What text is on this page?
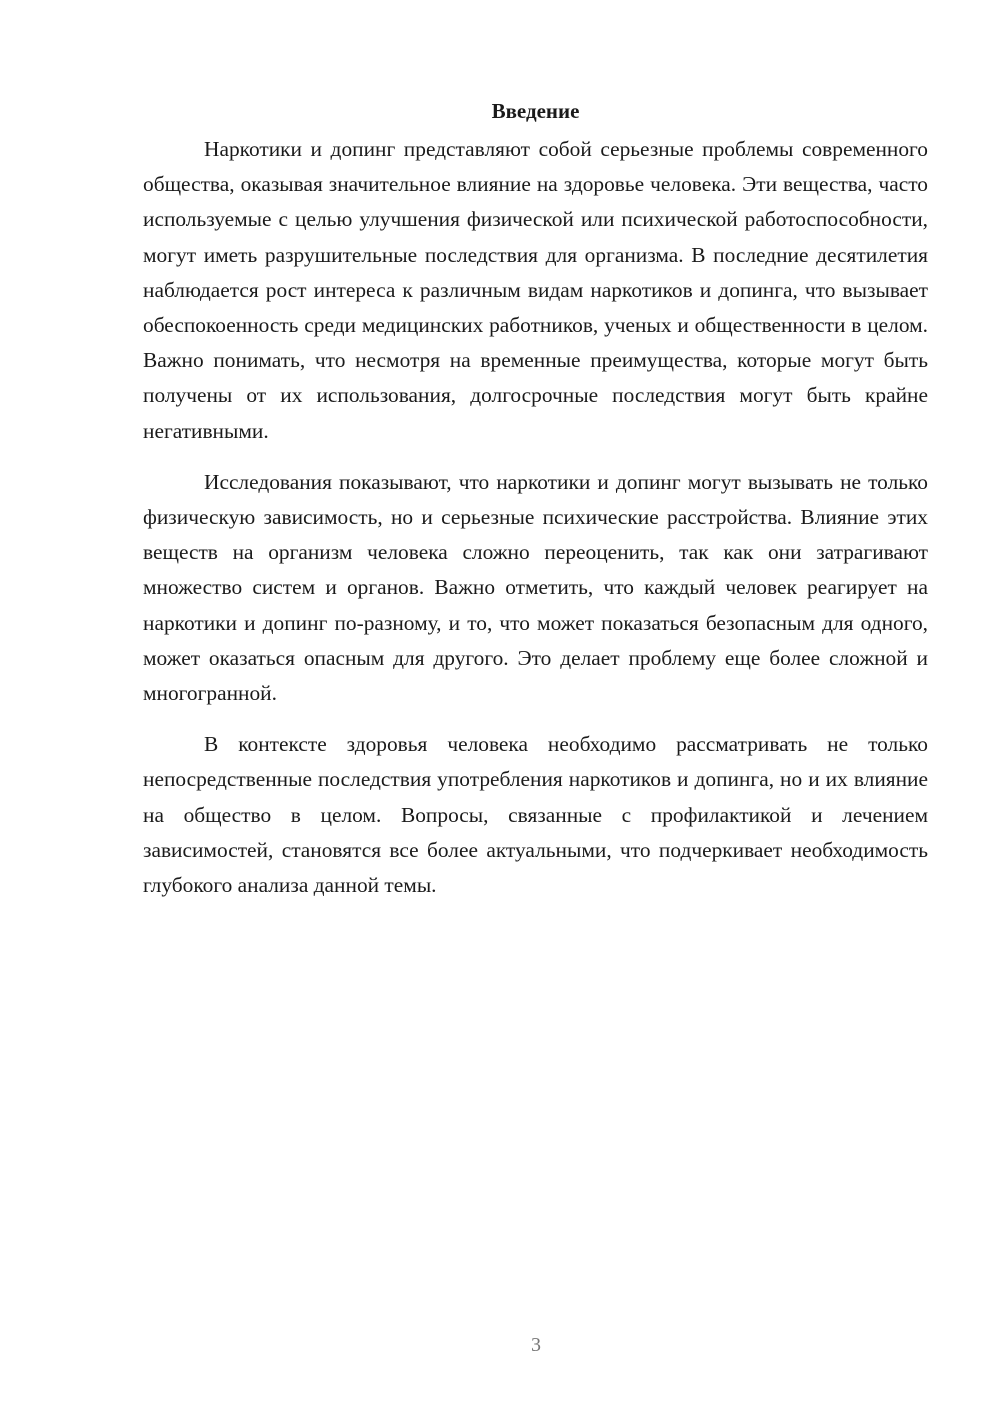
Введение

Наркотики и допинг представляют собой серьезные проблемы современного общества, оказывая значительное влияние на здоровье человека. Эти вещества, часто используемые с целью улучшения физической или психической работоспособности, могут иметь разрушительные последствия для организма. В последние десятилетия наблюдается рост интереса к различным видам наркотиков и допинга, что вызывает обеспокоенность среди медицинских работников, ученых и общественности в целом. Важно понимать, что несмотря на временные преимущества, которые могут быть получены от их использования, долгосрочные последствия могут быть крайне негативными.

Исследования показывают, что наркотики и допинг могут вызывать не только физическую зависимость, но и серьезные психические расстройства. Влияние этих веществ на организм человека сложно переоценить, так как они затрагивают множество систем и органов. Важно отметить, что каждый человек реагирует на наркотики и допинг по-разному, и то, что может показаться безопасным для одного, может оказаться опасным для другого. Это делает проблему еще более сложной и многогранной.

В контексте здоровья человека необходимо рассматривать не только непосредственные последствия употребления наркотиков и допинга, но и их влияние на общество в целом. Вопросы, связанные с профилактикой и лечением зависимостей, становятся все более актуальными, что подчеркивает необходимость глубокого анализа данной темы.

3
